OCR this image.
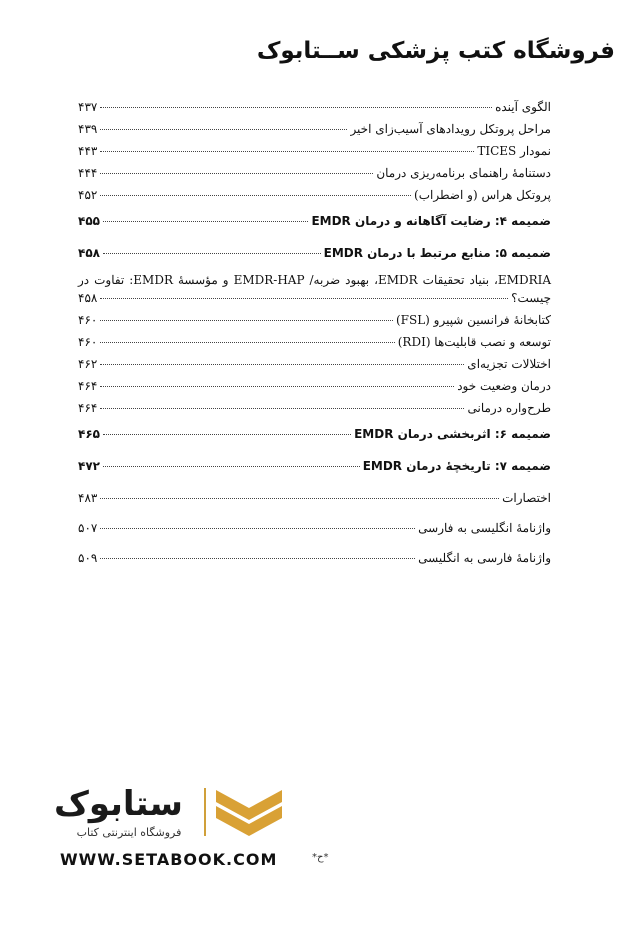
فروشگاه کتب پزشکی ســتابوک
الگوی آینده
۴۳۷
مراحل پروتکل رویدادهای آسیب‌زای اخیر
۴۳۹
نمودار TICES
۴۴۳
دستنامهٔ راهنمای برنامه‌ریزی درمان
۴۴۴
پروتکل هراس (و اضطراب)
۴۵۲
ضمیمه ۴: رضایت آگاهانه و درمان EMDR
۴۵۵
ضمیمه ۵: منابع مرتبط با درمان EMDR
۴۵۸
EMDRIA، بنیاد تحقیقات EMDR، بهبود ضربه/ EMDR-HAP و مؤسسهٔ EMDR: تفاوت در
چیست؟
۴۵۸
کتابخانهٔ فرانسین شپیرو (FSL)
۴۶۰
توسعه و نصب قابلیت‌ها (RDI)
۴۶۰
اختلالات تجزیه‌ای
۴۶۲
درمان وضعیت خود
۴۶۴
طرح‌واره درمانی
۴۶۴
ضمیمه ۶: اثربخشی درمان EMDR
۴۶۵
ضمیمه ۷: تاریخچهٔ درمان EMDR
۴۷۲
اختصارات
۴۸۳
واژنامهٔ انگلیسی به فارسی
۵۰۷
واژنامهٔ فارسی به انگلیسی
۵۰۹
ستابوک
فروشگاه اینترنتی کتاب
WWW.SETABOOK.COM	*ح*
